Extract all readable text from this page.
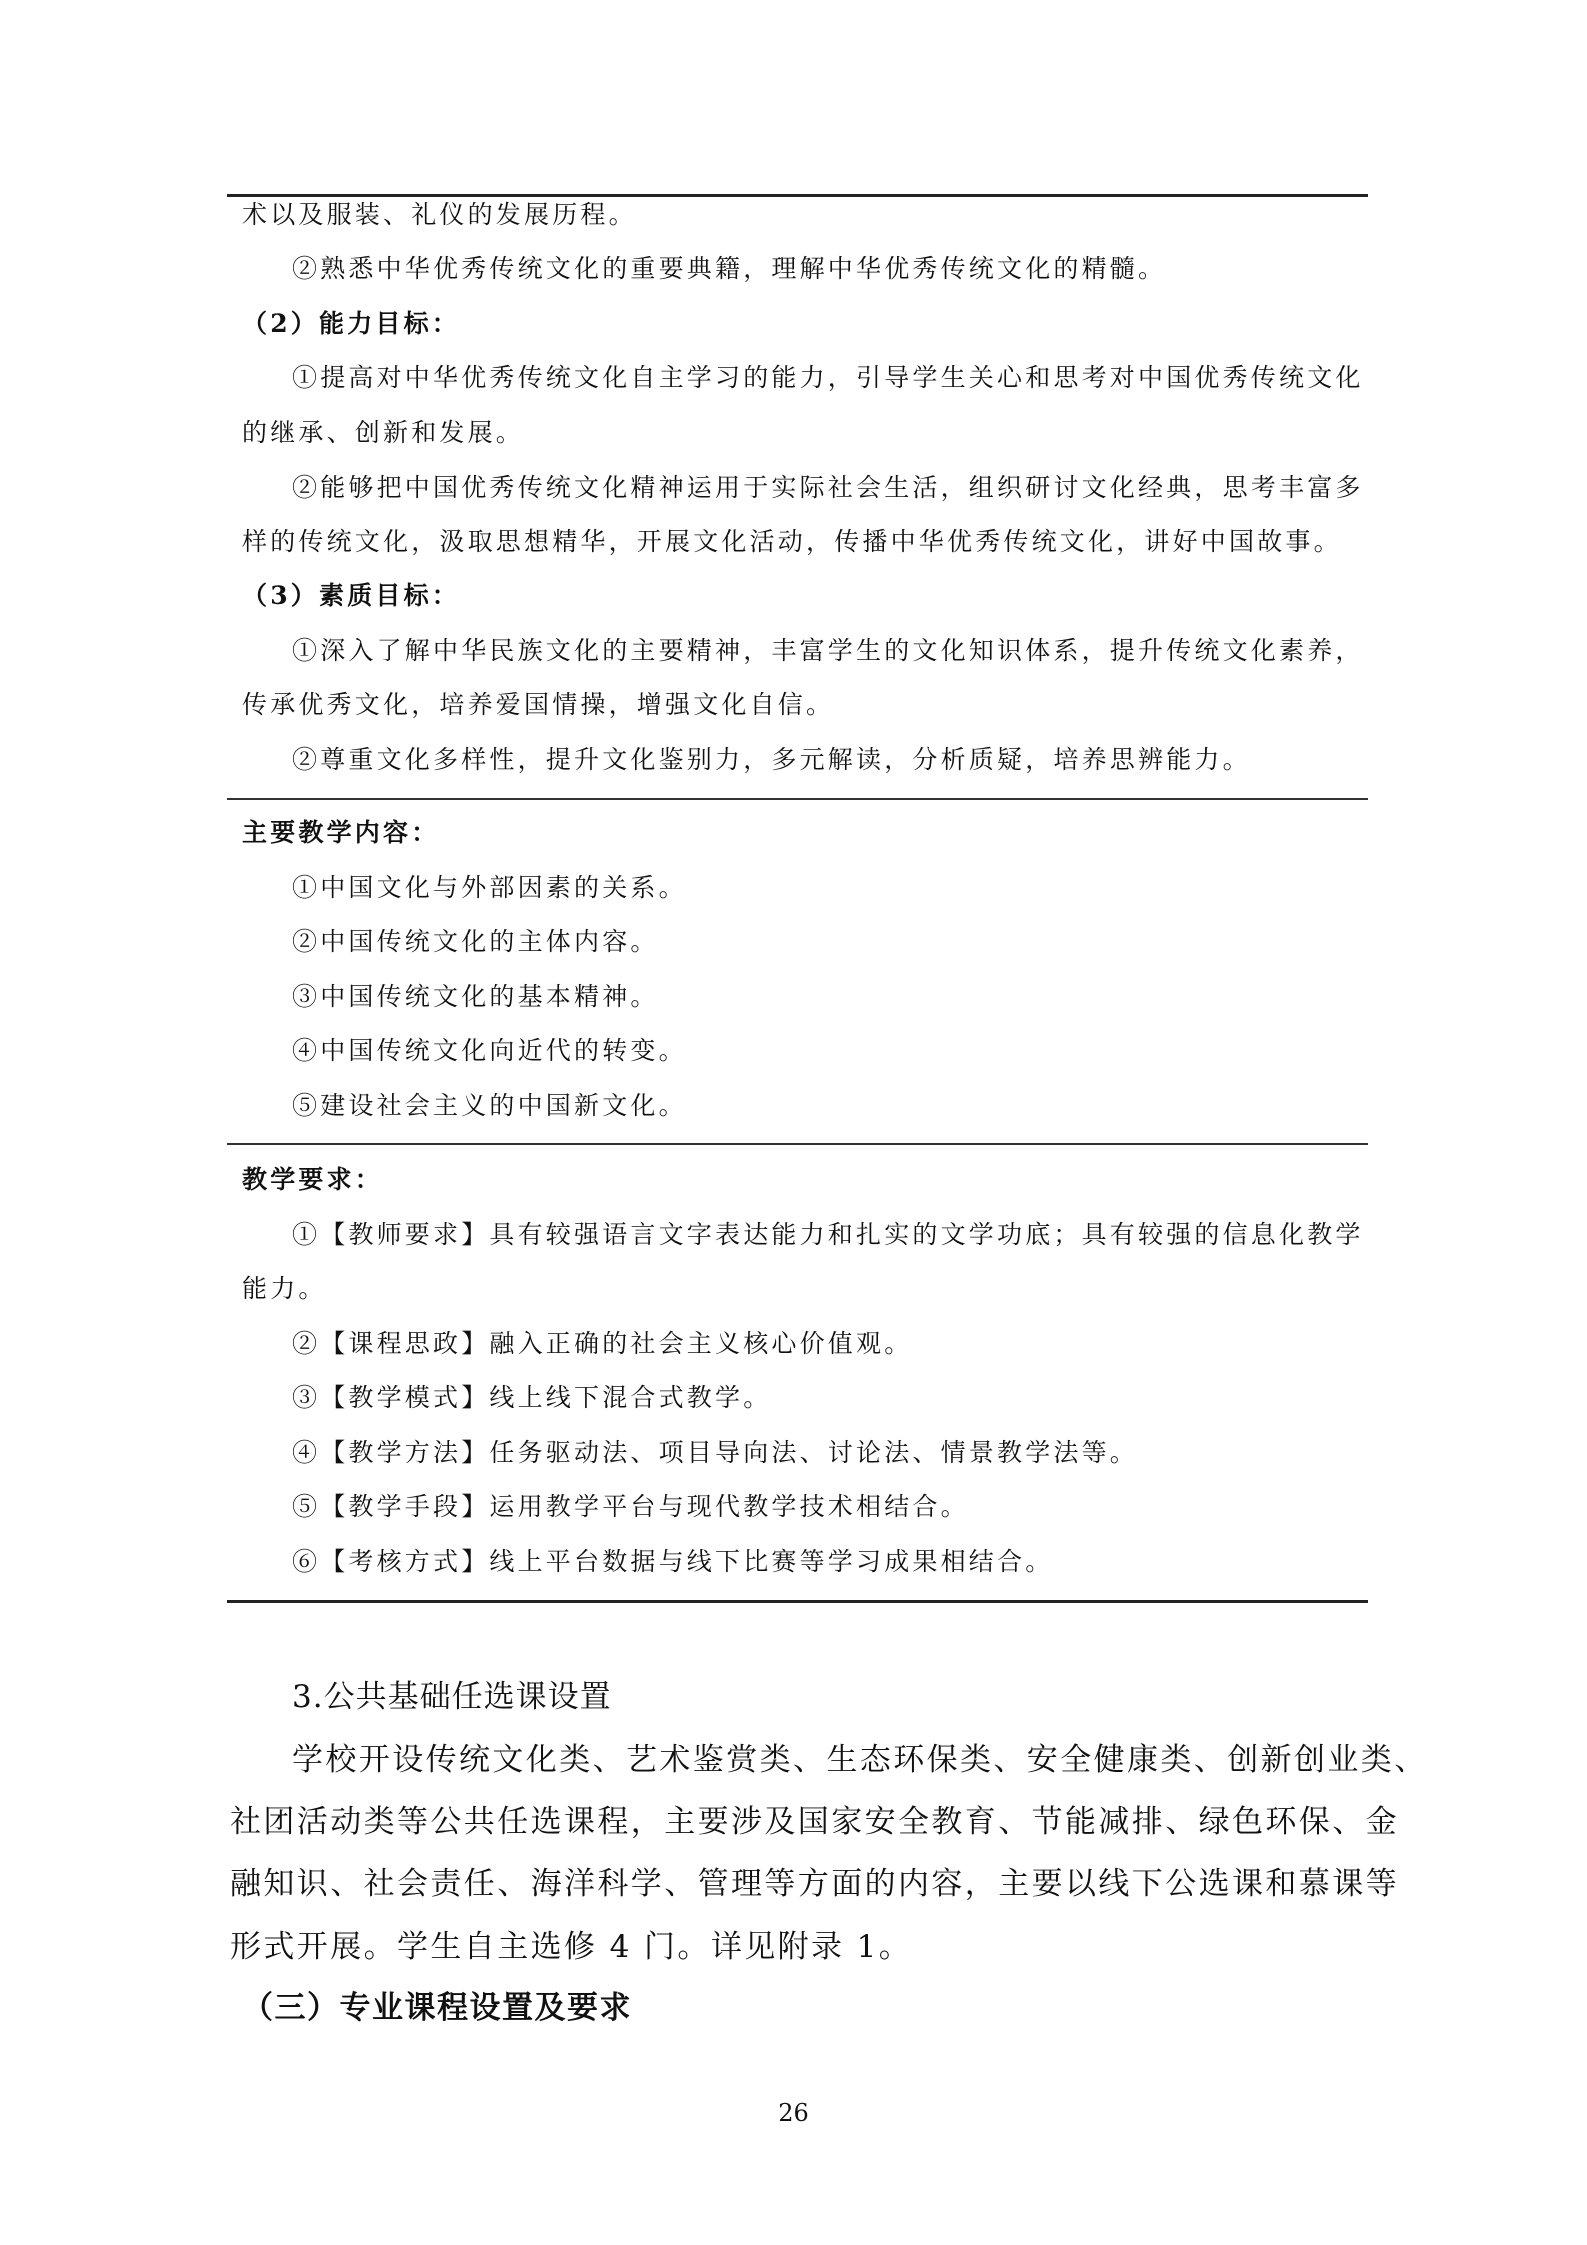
术以及服装、礼仪的发展历程。
②熟悉中华优秀传统文化的重要典籍，理解中华优秀传统文化的精髓。
（2）能力目标：
①提高对中华优秀传统文化自主学习的能力，引导学生关心和思考对中国优秀传统文化
的继承、创新和发展。
②能够把中国优秀传统文化精神运用于实际社会生活，组织研讨文化经典，思考丰富多
样的传统文化，汲取思想精华，开展文化活动，传播中华优秀传统文化，讲好中国故事。
（3）素质目标：
①深入了解中华民族文化的主要精神，丰富学生的文化知识体系，提升传统文化素养，
传承优秀文化，培养爱国情操，增强文化自信。
②尊重文化多样性，提升文化鉴别力，多元解读，分析质疑，培养思辨能力。
主要教学内容：
①中国文化与外部因素的关系。
②中国传统文化的主体内容。
③中国传统文化的基本精神。
④中国传统文化向近代的转变。
⑤建设社会主义的中国新文化。
教学要求：
①【教师要求】具有较强语言文字表达能力和扎实的文学功底；具有较强的信息化教学
能力。
②【课程思政】融入正确的社会主义核心价值观。
③【教学模式】线上线下混合式教学。
④【教学方法】任务驱动法、项目导向法、讨论法、情景教学法等。
⑤【教学手段】运用教学平台与现代教学技术相结合。
⑥【考核方式】线上平台数据与线下比赛等学习成果相结合。
3.公共基础任选课设置
学校开设传统文化类、艺术鉴赏类、生态环保类、安全健康类、创新创业类、
社团活动类等公共任选课程，主要涉及国家安全教育、节能减排、绿色环保、金
融知识、社会责任、海洋科学、管理等方面的内容，主要以线下公选课和慕课等
形式开展。学生自主选修 4 门。详见附录 1。
（三）专业课程设置及要求
26
